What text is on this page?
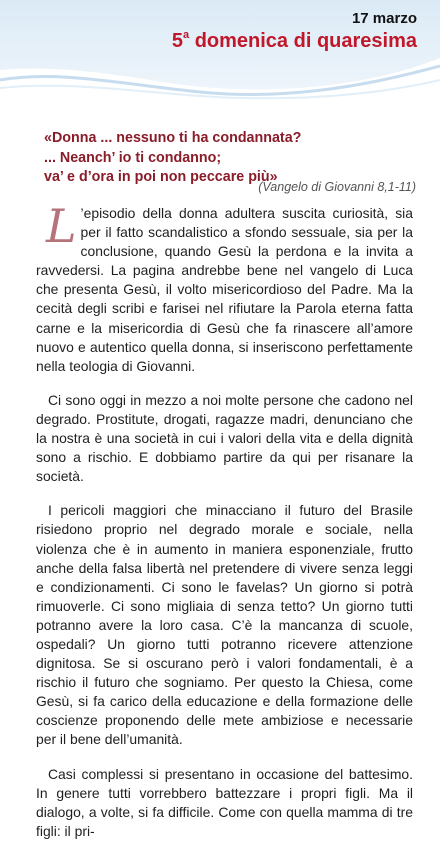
17 marzo
5$^a$ domenica di quaresima
«Donna ... nessuno ti ha condannata?
... Neanch’ io ti condanno;
va’ e d’ora in poi non peccare più»
(Vangelo di Giovanni 8,1-11)

L ’episodio della donna adultera suscita curiosità, sia per il fatto scandalistico a sfondo sessuale, sia per la conclusione, quando Gesù la perdona e la invita a ravvedersi. La pagina andrebbe bene nel vangelo di Luca che presenta Gesù, il volto misericordioso del Padre. Ma la cecità degli scribi e farisei nel rifiutare la Parola eterna fatta carne e la misericordia di Gesù che fa rinascere all’amore nuovo e autentico quella donna, si inseriscono perfettamente nella teologia di Giovanni.

Ci sono oggi in mezzo a noi molte persone che cadono nel degrado. Prostitute, drogati, ragazze madri, denunciano che la nostra è una società in cui i valori della vita e della dignità sono a rischio. E dobbiamo partire da qui per risanare la società.

I pericoli maggiori che minacciano il futuro del Brasile risiedono proprio nel degrado morale e sociale, nella violenza che è in aumento in maniera esponenziale, frutto anche della falsa libertà nel pretendere di vivere senza leggi e condizionamenti. Ci sono le favelas? Un giorno si potrà rimuoverle. Ci sono migliaia di senza tetto? Un giorno tutti potranno avere la loro casa. C’è la mancanza di scuole, ospedali? Un giorno tutti potranno ricevere attenzione dignitosa. Se si oscurano però i valori fondamentali, è a rischio il futuro che sogniamo. Per questo la Chiesa, come Gesù, si fa carico della educazione e della formazione delle coscienze proponendo delle mete ambiziose e necessarie per il bene dell’umanità.

Casi complessi si presentano in occasione del battesimo. In genere tutti vorrebbero battezzare i propri figli. Ma il dialogo, a volte, si fa difficile. Come con quella mamma di tre figli: il pri-
